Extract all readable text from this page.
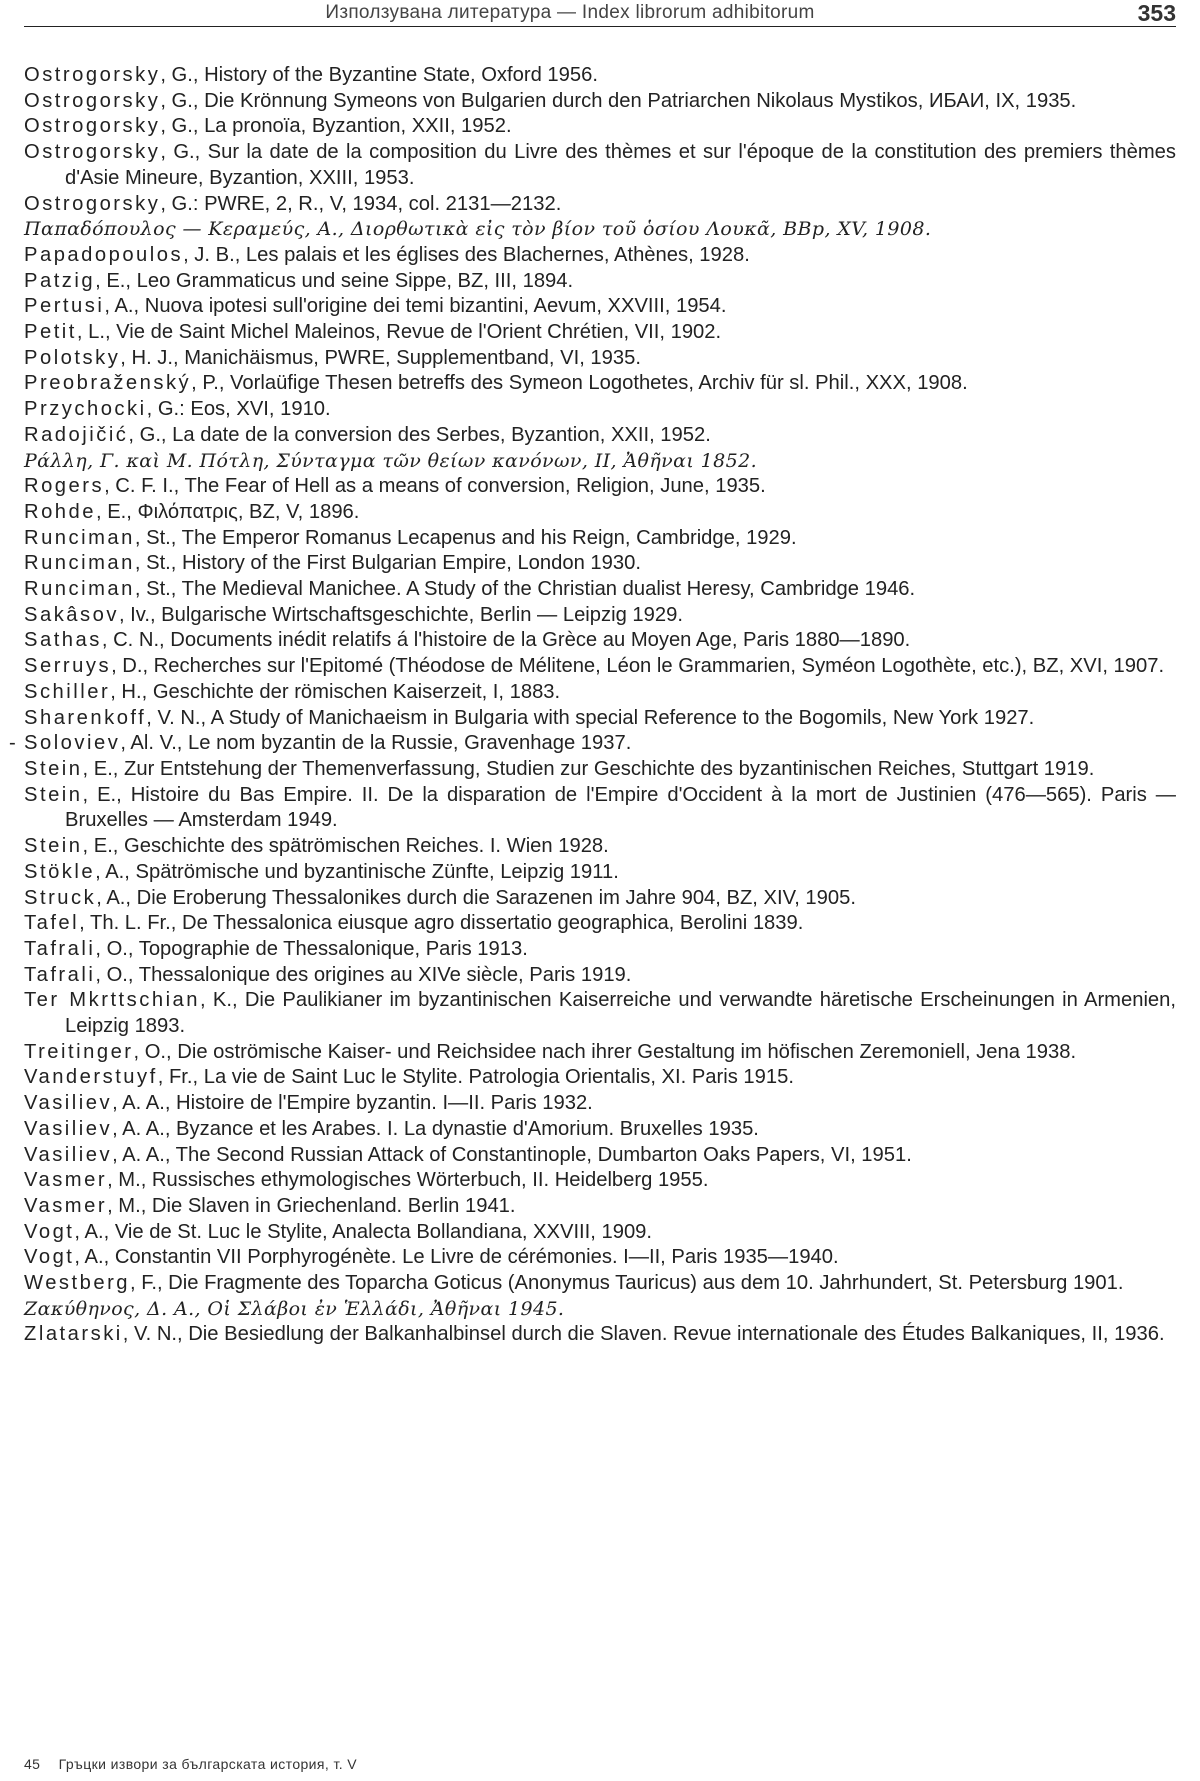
Използувана литература — Index librorum adhibitorum	353
Ostrogorsky, G., History of the Byzantine State, Oxford 1956.
Ostrogorsky, G., Die Krönnung Symeons von Bulgarien durch den Patriarchen Nikolaus Mystikos, ИБАИ, IX, 1935.
Ostrogorsky, G., La pronoïa, Byzantion, XXII, 1952.
Ostrogorsky, G., Sur la date de la composition du Livre des thèmes et sur l'époque de la constitution des premiers thèmes d'Asie Mineure, Byzantion, XXIII, 1953.
Ostrogorsky, G.: PWRE, 2, R., V, 1934, col. 2131—2132.
Παπαδόπουλος — Κεραμεύς, Α., Διορθωτικὰ εἰς τὸν βίον τοῦ ὁσίου Λουκᾶ, BBp, XV, 1908.
Papadopoulos, J. B., Les palais et les églises des Blachernes, Athènes, 1928.
Patzig, E., Leo Grammaticus und seine Sippe, BZ, III, 1894.
Pertusi, A., Nuova ipotesi sull'origine dei temi bizantini, Aevum, XXVIII, 1954.
Petit, L., Vie de Saint Michel Maleinos, Revue de l'Orient Chrétien, VII, 1902.
Polotsky, H. J., Manichäismus, PWRE, Supplementband, VI, 1935.
Preobraženský, P., Vorlaüfige Thesen betreffs des Symeon Logothetes, Archiv für sl. Phil., XXX, 1908.
Przychocki, G.: Eos, XVI, 1910.
Radojičić, G., La date de la conversion des Serbes, Byzantion, XXII, 1952.
Ράλλη, Γ. καὶ Μ. Πότλη, Σύνταγμα τῶν θείων κανόνων, II, Ἀθῆναι 1852.
Rogers, C. F. I., The Fear of Hell as a means of conversion, Religion, June, 1935.
Rohde, E., Φιλόπατρις, BZ, V, 1896.
Runciman, St., The Emperor Romanus Lecapenus and his Reign, Cambridge, 1929.
Runciman, St., History of the First Bulgarian Empire, London 1930.
Runciman, St., The Medieval Manichee. A Study of the Christian dualist Heresy, Cambridge 1946.
Sakâsov, Iv., Bulgarische Wirtschaftsgeschichte, Berlin — Leipzig 1929.
Sathas, C. N., Documents inédit relatifs á l'histoire de la Grèce au Moyen Age, Paris 1880—1890.
Serruys, D., Recherches sur l'Epitomé (Théodose de Mélitene, Léon le Grammarien, Syméon Logothète, etc.), BZ, XVI, 1907.
Schiller, H., Geschichte der römischen Kaiserzeit, I, 1883.
Sharenkoff, V. N., A Study of Manichaeism in Bulgaria with special Reference to the Bogomils, New York 1927.
- Soloviev, Al. V., Le nom byzantin de la Russie, Gravenhage 1937.
Stein, E., Zur Entstehung der Themenverfassung, Studien zur Geschichte des byzantinischen Reiches, Stuttgart 1919.
Stein, E., Histoire du Bas Empire. II. De la disparation de l'Empire d'Occident à la mort de Justinien (476—565). Paris — Bruxelles — Amsterdam 1949.
Stein, E., Geschichte des spätrömischen Reiches. I. Wien 1928.
Stökle, A., Spätrömische und byzantinische Zünfte, Leipzig 1911.
Struck, A., Die Eroberung Thessalonikes durch die Sarazenen im Jahre 904, BZ, XIV, 1905.
Tafel, Th. L. Fr., De Thessalonica eiusque agro dissertatio geographica, Berolini 1839.
Tafrali, O., Topographie de Thessalonique, Paris 1913.
Tafrali, O., Thessalonique des origines au XIVe siècle, Paris 1919.
Ter Mkrttschian, K., Die Paulikianer im byzantinischen Kaiserreiche und verwandte häretische Erscheinungen in Armenien, Leipzig 1893.
Treitinger, O., Die oströmische Kaiser- und Reichsidee nach ihrer Gestaltung im höfischen Zeremoniell, Jena 1938.
Vanderstuyf, Fr., La vie de Saint Luc le Stylite. Patrologia Orientalis, XI. Paris 1915.
Vasiliev, A. A., Histoire de l'Empire byzantin. I—II. Paris 1932.
Vasiliev, A. A., Byzance et les Arabes. I. La dynastie d'Amorium. Bruxelles 1935.
Vasiliev, A. A., The Second Russian Attack of Constantinople, Dumbarton Oaks Papers, VI, 1951.
Vasmer, M., Russisches ethymologisches Wörterbuch, II. Heidelberg 1955.
Vasmer, M., Die Slaven in Griechenland. Berlin 1941.
Vogt, A., Vie de St. Luc le Stylite, Analecta Bollandiana, XXVIII, 1909.
Vogt, A., Constantin VII Porphyrogénète. Le Livre de cérémonies. I—II, Paris 1935—1940.
Westberg, F., Die Fragmente des Toparcha Goticus (Anonymus Tauricus) aus dem 10. Jahrhundert, St. Petersburg 1901.
Ζακύθηνος, Δ. Α., Οἱ Σλάβοι ἐν Ἑλλάδι, Ἀθῆναι 1945.
Zlatarski, V. N., Die Besiedlung der Balkanhalbinsel durch die Slaven. Revue internationale des Études Balkaniques, II, 1936.
45 Гръцки извори за българската история, т. V
